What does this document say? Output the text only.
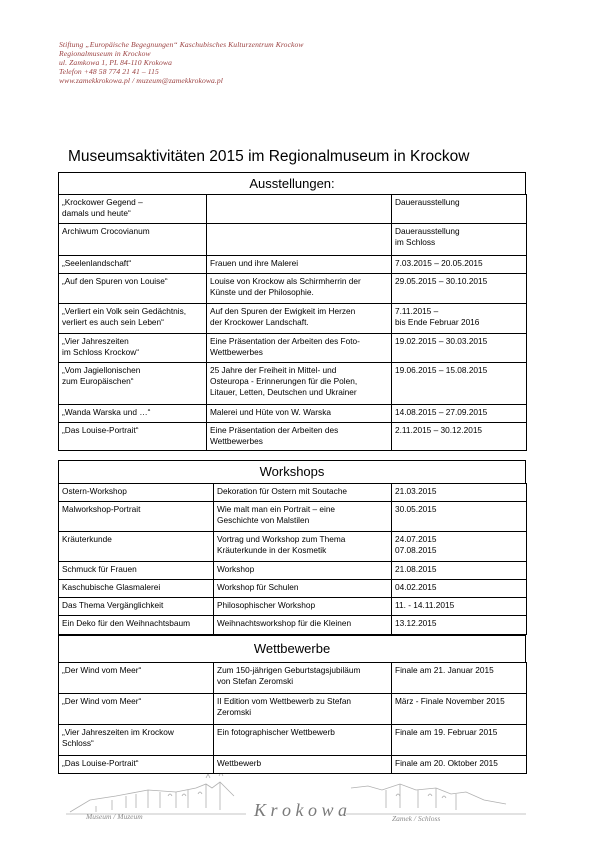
Stiftung „Europäische Begegnungen“ Kaschubisches Kulturzentrum Krockow
Regionalmuseum in Krockow
ul. Zamkowa 1, PL 84-110 Krokowa
Telefon +48 58 774 21 41 – 115
www.zamekkrokowa.pl / muzeum@zamekkrokowa.pl
Museumsaktivitäten 2015 im Regionalmuseum in Krockow
Ausstellungen:
„Krockower Gegend –
damals und heute“		Dauerausstellung
Archiwum Crocovianum		Dauerausstellung
im Schloss
„Seelenlandschaft“	Frauen und ihre Malerei	7.03.2015 – 20.05.2015
„Auf den Spuren von Louise“	Louise von Krockow als Schirmherrin der
Künste und der Philosophie.	29.05.2015 – 30.10.2015
„Verliert ein Volk sein Gedächtnis,
verliert es auch sein Leben“	Auf den Spuren der Ewigkeit im Herzen
der Krockower Landschaft.	7.11.2015 –
bis Ende Februar 2016
„Vier Jahreszeiten
im Schloss Krockow“	Eine Präsentation der Arbeiten des Foto-
Wettbewerbes	19.02.2015 – 30.03.2015
„Vom Jagiellonischen
zum Europäischen“	25 Jahre der Freiheit in Mittel- und
Osteuropa - Erinnerungen für die Polen,
Litauer, Letten, Deutschen und Ukrainer	19.06.2015 – 15.08.2015
„Wanda Warska und …“	Malerei und Hüte von W. Warska	14.08.2015 – 27.09.2015
„Das Louise-Portrait“	Eine Präsentation der Arbeiten des
Wettbewerbes	2.11.2015 – 30.12.2015
Workshops
Ostern-Workshop	Dekoration für Ostern mit Soutache	21.03.2015
Malworkshop-Portrait	Wie malt man ein Portrait – eine
Geschichte von Malstilen	30.05.2015
Kräuterkunde	Vortrag und Workshop zum Thema
Kräuterkunde in der Kosmetik	24.07.2015
07.08.2015
Schmuck für Frauen	Workshop	21.08.2015
Kaschubische Glasmalerei	Workshop für Schulen	04.02.2015
Das Thema Vergänglichkeit	Philosophischer Workshop	11. - 14.11.2015
Ein Deko für den Weihnachtsbaum	Weihnachtsworkshop für die Kleinen	13.12.2015
Wettbewerbe
„Der Wind vom Meer“	Zum 150-jährigen Geburtstagsjubiläum
von Stefan Zeromski	Finale am 21. Januar 2015
„Der Wind vom Meer“	II Edition vom Wettbewerb zu Stefan
Zeromski	März - Finale November 2015
„Vier Jahreszeiten im Krockow
Schloss“	Ein fotographischer Wettbewerb	Finale am 19. Februar 2015
„Das Louise-Portrait“	Wettbewerb	Finale am 20. Oktober 2015
Museum / Muzeum	K r o k o w a	Zamek / Schloss
